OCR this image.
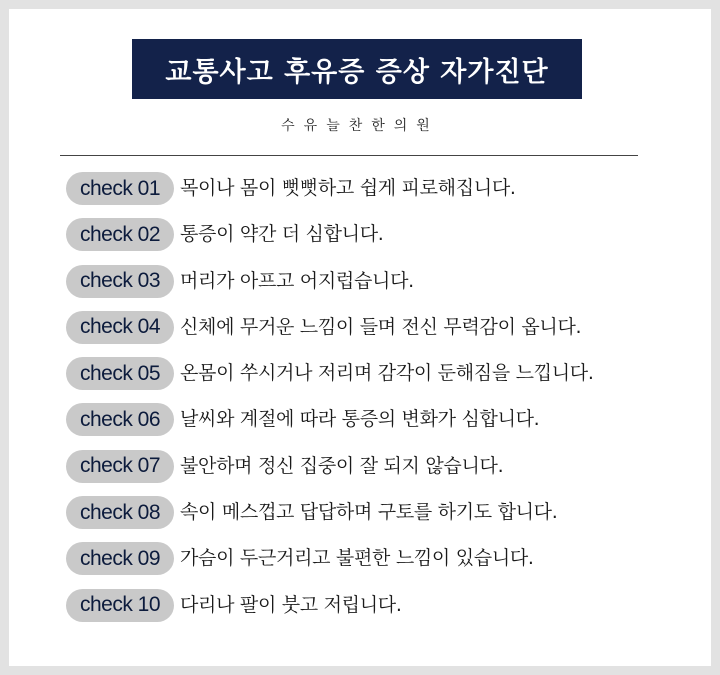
교통사고 후유증 증상 자가진단
수유늘찬한의원
check 01	목이나 몸이 뻣뻣하고 쉽게 피로해집니다.
check 02	통증이 약간 더 심합니다.
check 03	머리가 아프고 어지럽습니다.
check 04	신체에 무거운 느낌이 들며 전신 무력감이 옵니다.
check 05	온몸이 쑤시거나 저리며 감각이 둔해짐을 느낍니다.
check 06	날씨와 계절에 따라 통증의 변화가 심합니다.
check 07	불안하며 정신 집중이 잘 되지 않습니다.
check 08	속이 메스껍고 답답하며 구토를 하기도 합니다.
check 09	가슴이 두근거리고 불편한 느낌이 있습니다.
check 10	다리나 팔이 붓고 저립니다.
